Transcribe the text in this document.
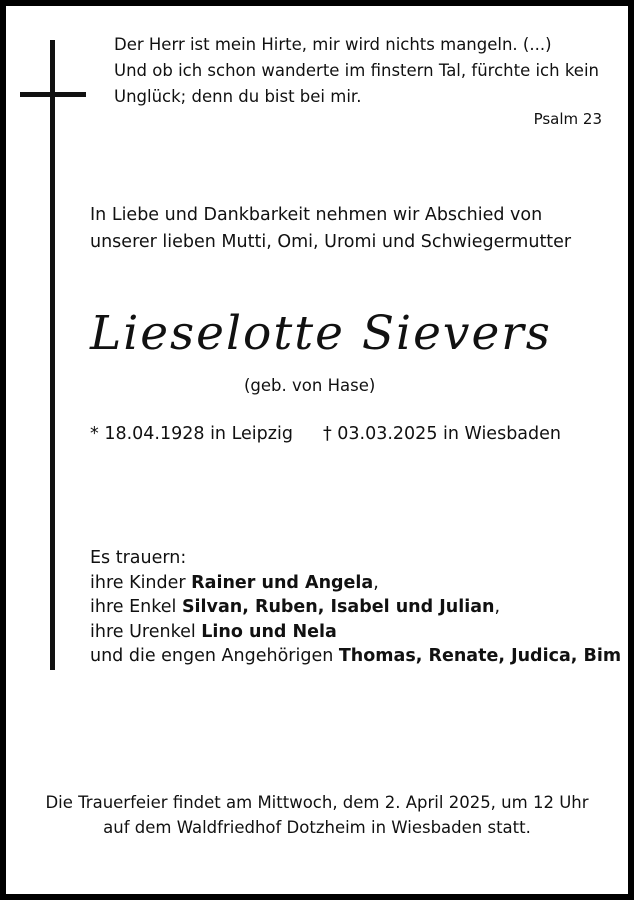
Der Herr ist mein Hirte, mir wird nichts mangeln. (...)
Und ob ich schon wanderte im finstern Tal, fürchte ich kein
Unglück; denn du bist bei mir.
Psalm 23
In Liebe und Dankbarkeit nehmen wir Abschied von
unserer lieben Mutti, Omi, Uromi und Schwiegermutter
Lieselotte Sievers
(geb. von Hase)
* 18.04.1928 in Leipzig † 03.03.2025 in Wiesbaden
Es trauern:
ihre Kinder Rainer und Angela,
ihre Enkel Silvan, Ruben, Isabel und Julian,
ihre Urenkel Lino und Nela
und die engen Angehörigen Thomas, Renate, Judica, Bim
Die Trauerfeier findet am Mittwoch, dem 2. April 2025, um 12 Uhr
auf dem Waldfriedhof Dotzheim in Wiesbaden statt.
